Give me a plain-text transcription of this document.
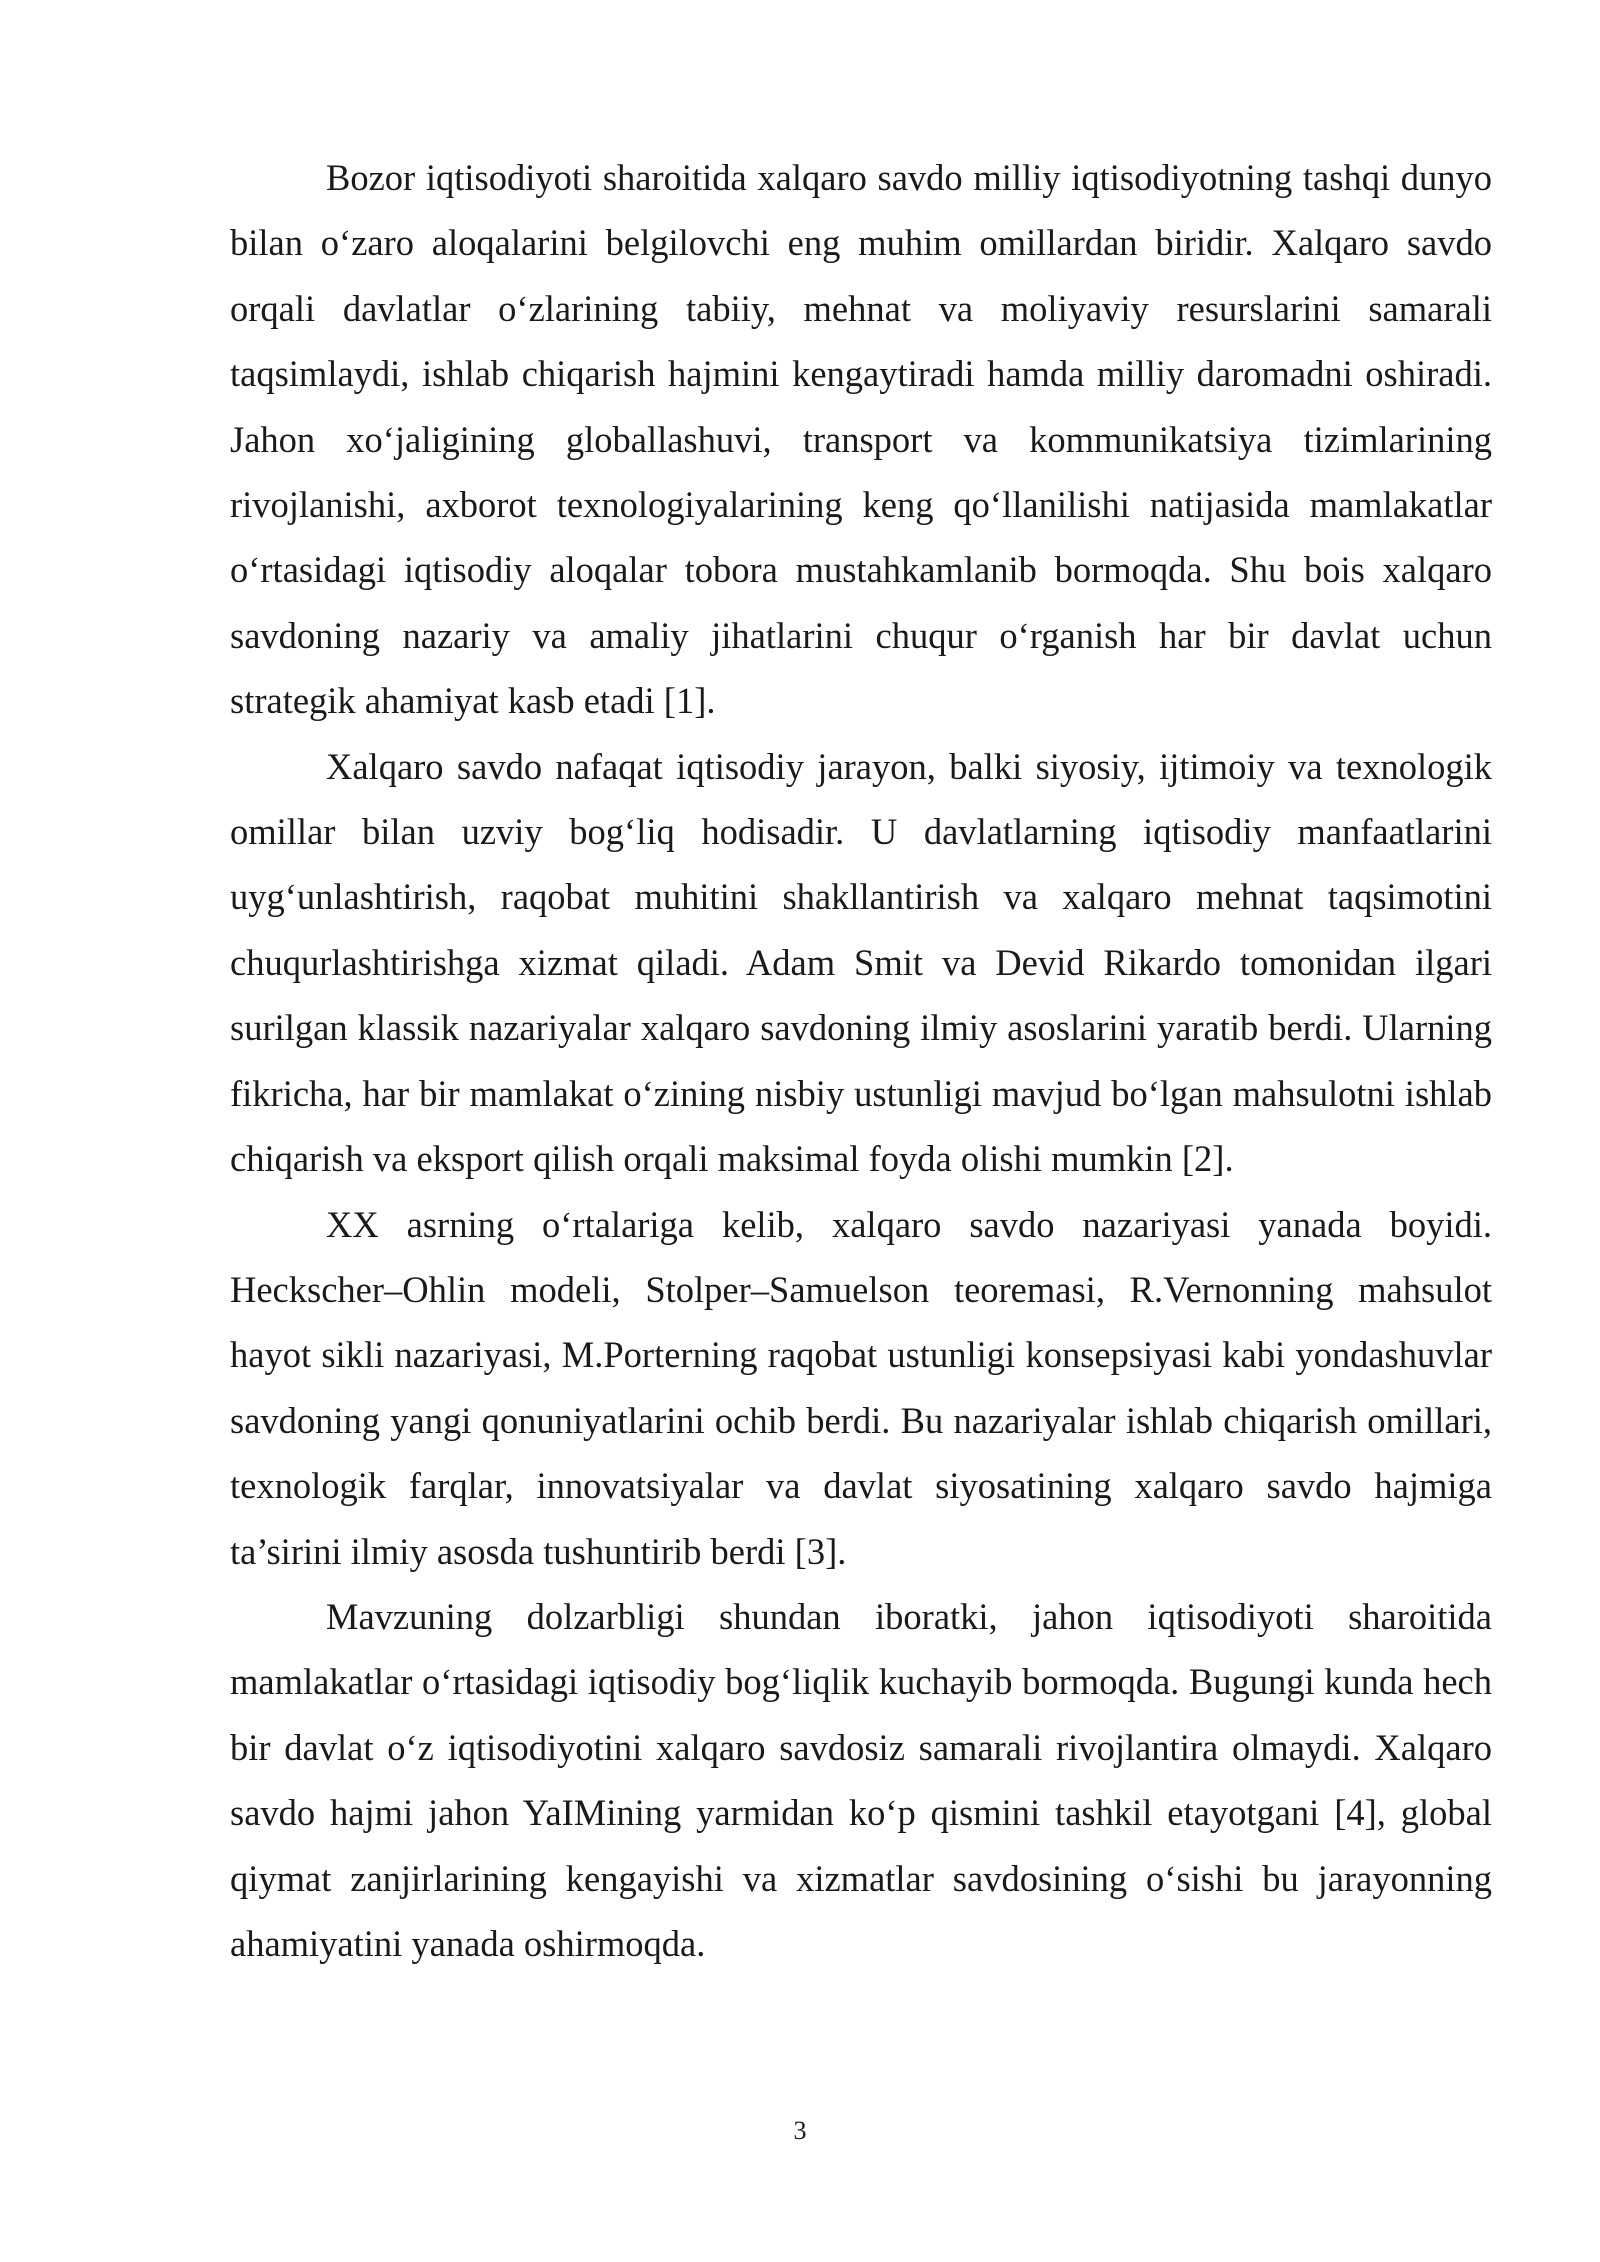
Bozor iqtisodiyoti sharoitida xalqaro savdo milliy iqtisodiyotning tashqi dunyo bilan o‘zaro aloqalarini belgilovchi eng muhim omillardan biridir. Xalqaro savdo orqali davlatlar o‘zlarining tabiiy, mehnat va moliyaviy resurslarini samarali taqsimlaydi, ishlab chiqarish hajmini kengaytiradi hamda milliy daromadni oshiradi. Jahon xo‘jaligining globallashuvi, transport va kommunikatsiya tizimlarining rivojlanishi, axborot texnologiyalarining keng qo‘llanilishi natijasida mamlakatlar o‘rtasidagi iqtisodiy aloqalar tobora mustahkamlanib bormoqda. Shu bois xalqaro savdoning nazariy va amaliy jihatlarini chuqur o‘rganish har bir davlat uchun strategik ahamiyat kasb etadi [1].

Xalqaro savdo nafaqat iqtisodiy jarayon, balki siyosiy, ijtimoiy va texnologik omillar bilan uzviy bog‘liq hodisadir. U davlatlarning iqtisodiy manfaatlarini uyg‘unlashtirish, raqobat muhitini shakllantirish va xalqaro mehnat taqsimotini chuqurlashtirishga xizmat qiladi. Adam Smit va Devid Rikardo tomonidan ilgari surilgan klassik nazariyalar xalqaro savdoning ilmiy asoslarini yaratib berdi. Ularning fikricha, har bir mamlakat o‘zining nisbiy ustunligi mavjud bo‘lgan mahsulotni ishlab chiqarish va eksport qilish orqali maksimal foyda olishi mumkin [2].

XX asrning o‘rtalariga kelib, xalqaro savdo nazariyasi yanada boyidi. Heckscher–Ohlin modeli, Stolper–Samuelson teoremasi, R.Vernonning mahsulot hayot sikli nazariyasi, M.Porterning raqobat ustunligi konsepsiyasi kabi yondashuvlar savdoning yangi qonuniyatlarini ochib berdi. Bu nazariyalar ishlab chiqarish omillari, texnologik farqlar, innovatsiyalar va davlat siyosatining xalqaro savdo hajmiga ta’sirini ilmiy asosda tushuntirib berdi [3].

Mavzuning dolzarbligi shundan iboratki, jahon iqtisodiyoti sharoitida mamlakatlar o‘rtasidagi iqtisodiy bog‘liqlik kuchayib bormoqda. Bugungi kunda hech bir davlat o‘z iqtisodiyotini xalqaro savdosiz samarali rivojlantira olmaydi. Xalqaro savdo hajmi jahon YaIMining yarmidan ko‘p qismini tashkil etayotgani [4], global qiymat zanjirlarining kengayishi va xizmatlar savdosining o‘sishi bu jarayonning ahamiyatini yanada oshirmoqda.

3
